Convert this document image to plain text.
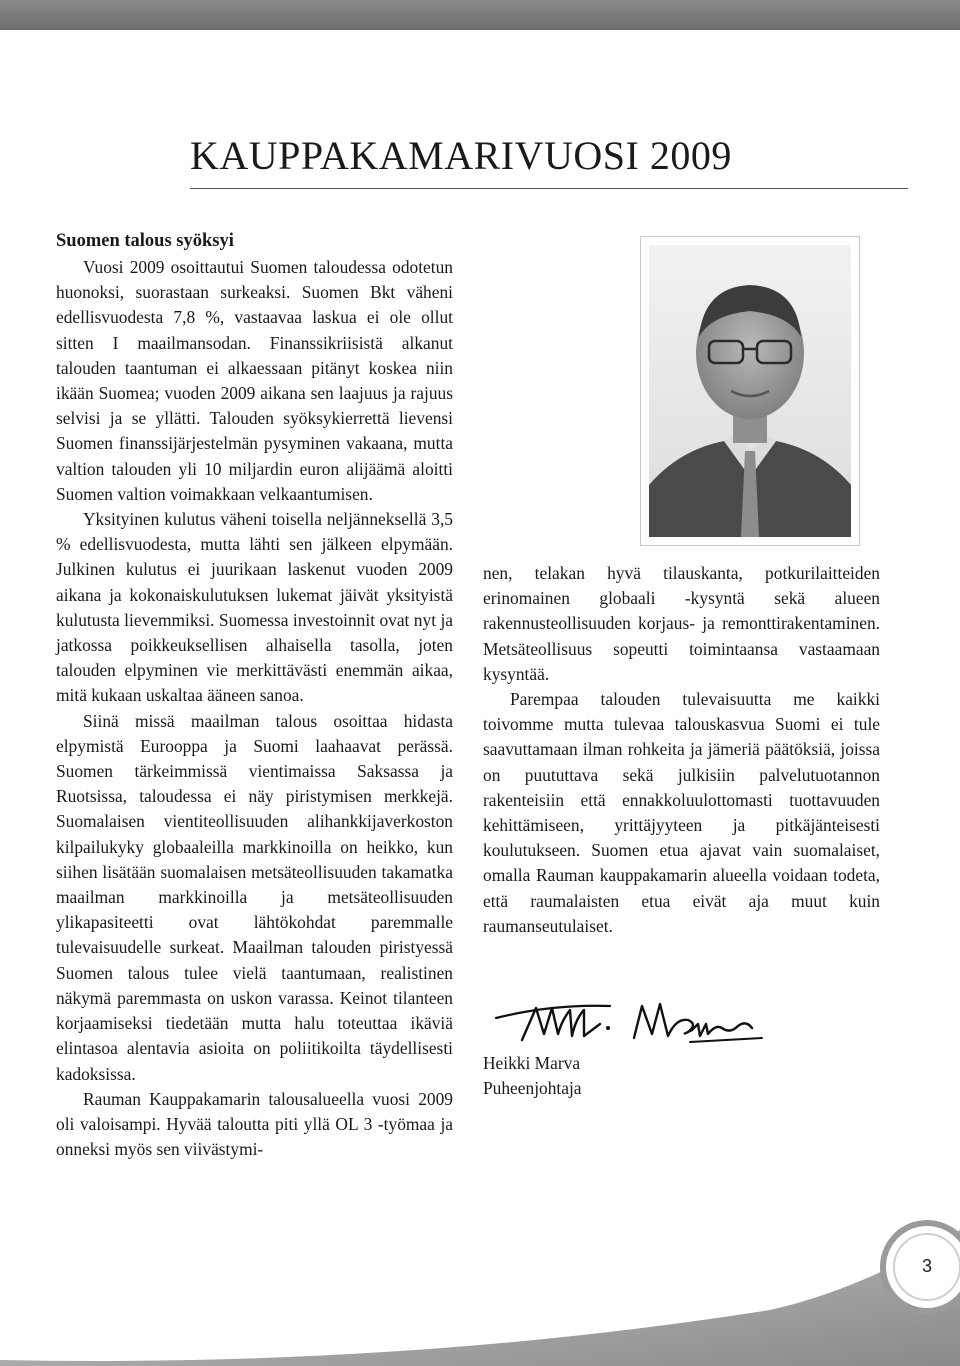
KAUPPAKAMARIVUOSI 2009
Suomen talous syöksyi

Vuosi 2009 osoittautui Suomen taloudessa odotetun huonoksi, suorastaan surkeaksi. Suomen Bkt väheni edellisvuodesta 7,8 %, vastaavaa laskua ei ole ollut sitten I maailmansodan. Finanssikriisistä alkanut talouden taantuman ei alkaessaan pitänyt koskea niin ikään Suomea; vuoden 2009 aikana sen laajuus ja rajuus selvisi ja se yllätti. Talouden syöksykierrettä lievensi Suomen finanssijärjestelmän pysyminen vakaana, mutta valtion talouden yli 10 miljardin euron alijäämä aloitti Suomen valtion voimakkaan velkaantumisen.

Yksityinen kulutus väheni toisella neljänneksellä 3,5 % edellisvuodesta, mutta lähti sen jälkeen elpymään. Julkinen kulutus ei juurikaan laskenut vuoden 2009 aikana ja kokonaiskulutuksen lukemat jäivät yksityistä kulutusta lievemmiksi. Suomessa investoinnit ovat nyt ja jatkossa poikkeuksellisen alhaisella tasolla, joten talouden elpyminen vie merkittävästi enemmän aikaa, mitä kukaan uskaltaa ääneen sanoa.

Siinä missä maailman talous osoittaa hidasta elpymistä Eurooppa ja Suomi laahaavat perässä. Suomen tärkeimmissä vientimaissa Saksassa ja Ruotsissa, taloudessa ei näy piristymisen merkkejä. Suomalaisen vientiteollisuuden alihankkijaverkoston kilpailukyky globaaleilla markkinoilla on heikko, kun siihen lisätään suomalaisen metsäteollisuuden takamatka maailman markkinoilla ja metsäteollisuuden ylikapasiteetti ovat lähtökohdat paremmalle tulevaisuudelle surkeat. Maailman talouden piristyessä Suomen talous tulee vielä taantumaan, realistinen näkymä paremmasta on uskon varassa. Keinot tilanteen korjaamiseksi tiedetään mutta halu toteuttaa ikäviä elintasoa alentavia asioita on poliitikoilta täydellisesti kadoksissa.

Rauman Kauppakamarin talousalueella vuosi 2009 oli valoisampi. Hyvää taloutta piti yllä OL 3 -työmaa ja onneksi myös sen viivästymi-

nen, telakan hyvä tilauskanta, potkurilaitteiden erinomainen globaali -kysyntä sekä alueen rakennusteollisuuden korjaus- ja remonttirakentaminen. Metsäteollisuus sopeutti toimintaansa vastaamaan kysyntää.

Parempaa talouden tulevaisuutta me kaikki toivomme mutta tulevaa talouskasvua Suomi ei tule saavuttamaan ilman rohkeita ja jämeriä päätöksiä, joissa on puututtava sekä julkisiin palvelutuotannon rakenteisiin että ennakkoluulottomasti tuottavuuden kehittämiseen, yrittäjyyteen ja pitkäjänteisesti koulutukseen. Suomen etua ajavat vain suomalaiset, omalla Rauman kauppakamarin alueella voidaan todeta, että raumalaisten etua eivät aja muut kuin raumanseutulaiset.

Heikki Marva
Puheenjohtaja
3
